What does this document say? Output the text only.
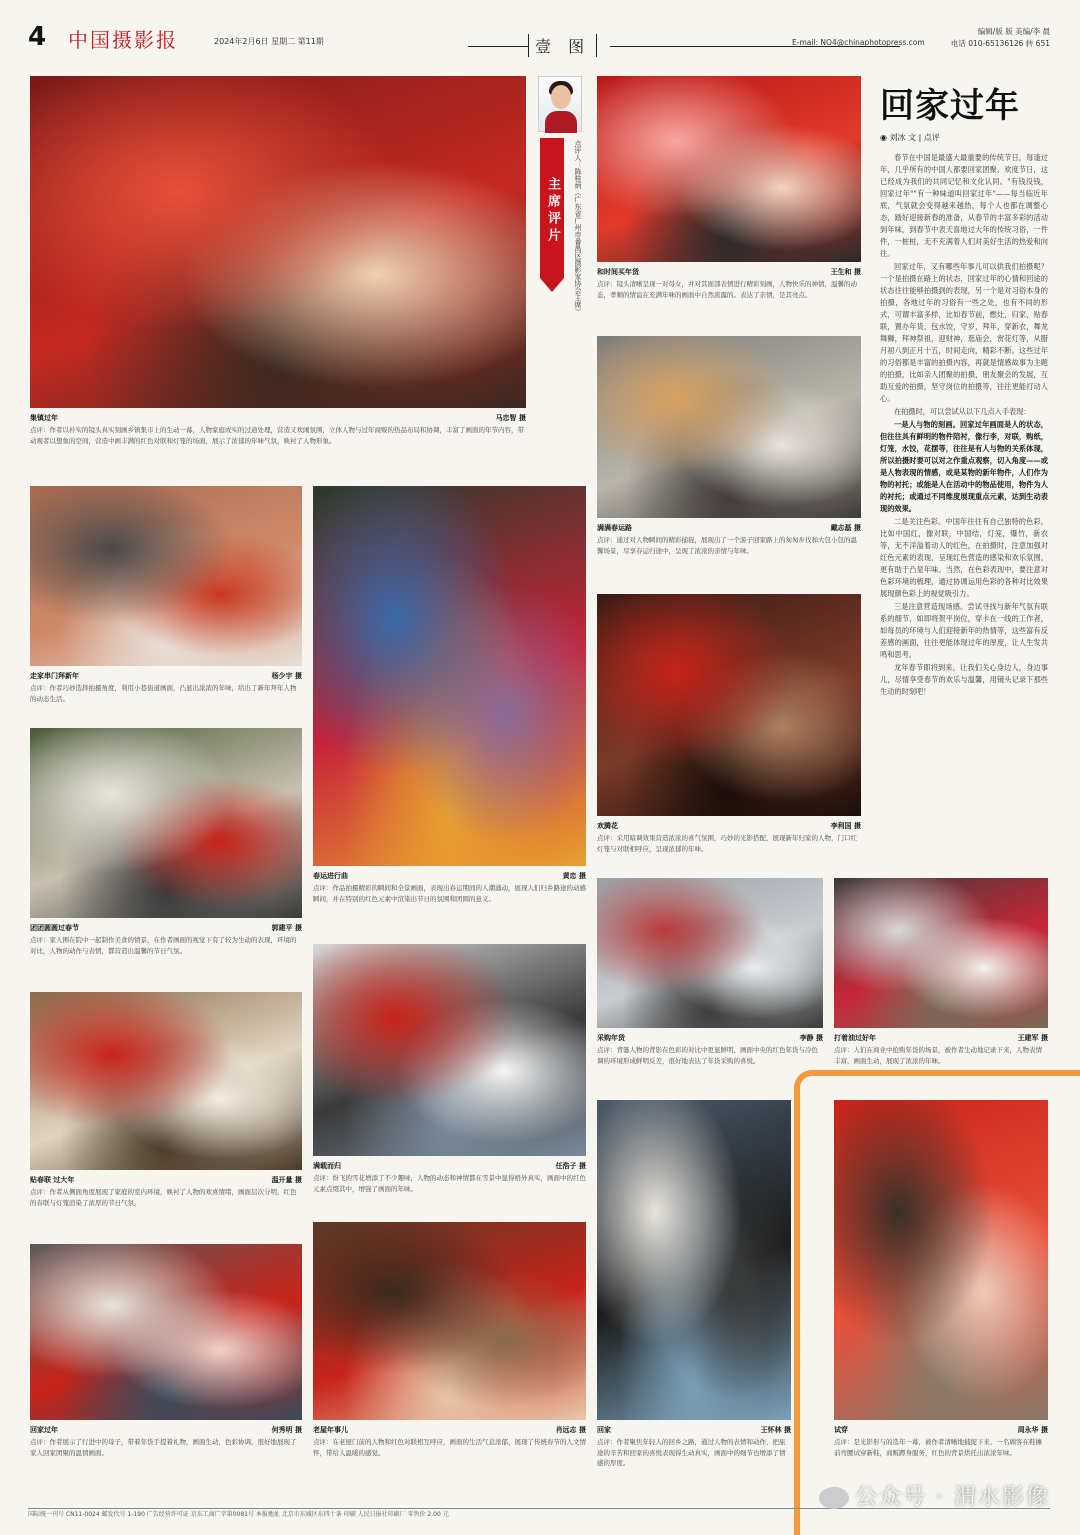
4 中国摄影报	2024年2月6日 星期二 第11期	壹 图	E-mail: NO4@chinaphotopress.com
编辑/版 版 美编/李 晨
电话 010-65136126 转 651
主席评片	点评人：陈桂炳（广东省广州市番禺区摄影家协会主席）
回家过年
◉ 刘冰 文 | 点评

春节在中国是最盛大最重要的传统节日，每逢过年，几乎所有的中国人都要回家团聚，欢度节日，这已经成为我们的共同记忆和文化认同。"有钱没钱，回家过年""有一种味道叫回家过年"——每当临近年底，气氛就会变得越来越热，每个人也都在调整心态，踏好迎接新春的准备，从春节的丰富多彩的活动到年味，到春节中表天喜地过大年的传统习俗，一件件，一桩桩，无不充满着人们对美好生活的热爱和向往。

回家过年，又有哪些年事儿可以供我们拍摄呢？一个是拍摄在路上的状态，回家过年的心情和回途的状态往往能够拍摄到的表现，另一个是对习俗本身的拍摄，各地过年的习俗有一些之处，也有不同的形式，可谓丰富多样，比如春节前，燃灶，归家，贴春联，置办年货，包水饺，守岁，拜年，穿新衣，舞龙舞狮，拜神祭祖，迎财神，逛庙会，赏花灯等，从腊月初八到正月十五，时间走向，精彩不断。这些过年的习俗都是丰富的拍摄内容，再就是情感故事为主题的拍摄，比如亲人团聚的拍摄，朋友聚会的发展，互助互爱的拍摄，坚守岗位的拍摄等，往往更能打动人心。

在拍摄时，可以尝试从以下几点入手表现：

一是人与物的刻画。回家过年画面是人的状态，但往往具有鲜明的物件陪衬，像行李，对联，购纸，灯笼，水饺，花摆等，往往是有人与物的关系体现，所以拍摄时要可以对之作重点观察，切入角度——或是人物表现的情感，或是某物的新年物件，人们作为物的衬托；或能是人在活动中的物品使用，物件为人的衬托；或通过不同维度展现重点元素，达到生动表现的效果。

二是关注色彩。中国年往往有自己独特的色彩，比如中国红，像对联，中国结，灯笼，爆竹，新衣等，无不洋溢着动人的红色，在拍摄时，注意加强对红色元素的表现，呈现红色营造的感染和欢乐氛围，更有助于凸显年味。当然，在色彩表现中，要注意对色彩环境的梳理，通过协调运用色彩的各种对比效果展现颜色彩上的视觉吸引力。

三是注意营造现场感。尝试寻找与新年气氛有联系的细节，如即将贺平岗位，穿卡在一线的工作者，如每员的环境与人们迎接新年的热情等，这些富有反差感的画面，往往更能体现过年的厚度，让人生发共鸣和思考。

龙年春节即将到来，让我们关心身边人，身边事儿，尽情享受春节的欢乐与温馨，用镜头记录下那些生动的时刻吧！

集镇过年	马忠智 摄
点评：作者以朴实的镜头真实刻画乡镇集市上的生动一幕，人物家庭或实的过道处理，营造又欢闹氛围，立体人物与过年商贩的热品布局和协调，丰富了画面的年节内容，带动观者以想象的空间，营造中画丰满的红色对联和灯笼的场面，展示了浓郁的年味气氛，映衬了人物形象。
和时间买年货	王生和 摄
点评：镜头清晰呈现一对母女，并对其面部表情进行精彩刻画，人物快乐的神情，温馨的动态，孝顺的情谊在充满年味的画面中自然流露的。表达了亲情，是其亮点。
满满春运路	戴志磊 摄
点评：通过对人物瞬间的精彩捕捉，展现出了一个游子回家路上的匆匆步伐和大包小包的温馨场景，尽享春运归途中，呈现了浓浓的亲情与年味。
走家串门拜新年	杨少宇 摄
点评：作者巧妙选择拍摄角度，利用小巷街道画面，凸显出浓浓的年味，给出了新年拜年人物的动态生活。
春运进行曲	黄忠 摄
点评：作品拍摄精彩的瞬间和全景画面，表现出春运期间的人潮涌动，展现人们归乡路途的动感瞬间，并在特别的红色元素中渲染出节日的氛围和团圆的意义。
团团圆圆过春节	郭建平 摄
点评：家人围在院中一起制作美食的情景，在作者画面的视觉下有了较为生动的表现，环境的对比，人物的动作与表情，都营造出温馨的节日气氛。
欢腾花	李利国 摄
点评：采用暗调效果营造浓浓的喜气氛围，巧妙的光影搭配，展现新年归家的人物，门口红灯笼与对联相呼应，呈现浓郁的年味。
贴春联 过大年	温开量 摄
点评：作者从侧面角度展现了家庭的室内环境，映衬了人物的欢喜情绪，画面层次分明，红色的春联与灯笼渲染了浓厚的节日气氛。
满载而归	任浩子 摄
点评：纷飞的雪花增添了不少趣味，人物的动态和神情都在雪景中显得格外真实，画面中的红色元素点缀其中，增强了画面的年味。
采购年货	李静 摄
点评：背篓人物的背影在色彩的对比中更显鲜明，画面中央的红色年货与冷色调的环境形成鲜明反差，很好地表达了年货采购的喜悦。
打着油过好年	王建军 摄
点评：人们在商业中抢购年货的场景，被作者生动地记录下来，人物表情丰富，画面生动，展现了浓浓的年味。
回家过年	何秀明 摄
点评：作者展示了行进中的母子，带着年货手提着礼物，画面生动，色彩协调，很好地展现了家人回家团聚的温情画面。
老屋年事儿	肖远志 摄
点评：在老屋门前的人物和红色对联相互呼应，画面的生活气息浓郁，展现了传统春节的人文情怀，带给人温暖的感觉。
回家	王怀林 摄
点评：作者聚焦年轻人的回乡之路，通过人物的表情和动作，把旅途的辛苦和回家的喜悦表现得生动真实，画面中的细节也增添了情感的厚度。
试穿	周永华 摄
点评：是光影形与的选年一幕，被作者清晰地捕捉下来，一名顾客在鞋摊前弯腰试穿新鞋，商贩蹲身服务，红色的背景烘托出浓浓年味。
国际统一刊号 CN11-0024 邮发代号 1-190 广告经营许可证 京东工商广字第0081号 本报地址 北京市东城区东四十条 印刷 人民日报社印刷厂 零售价 2.00 元
公众号 · 渭水影像
